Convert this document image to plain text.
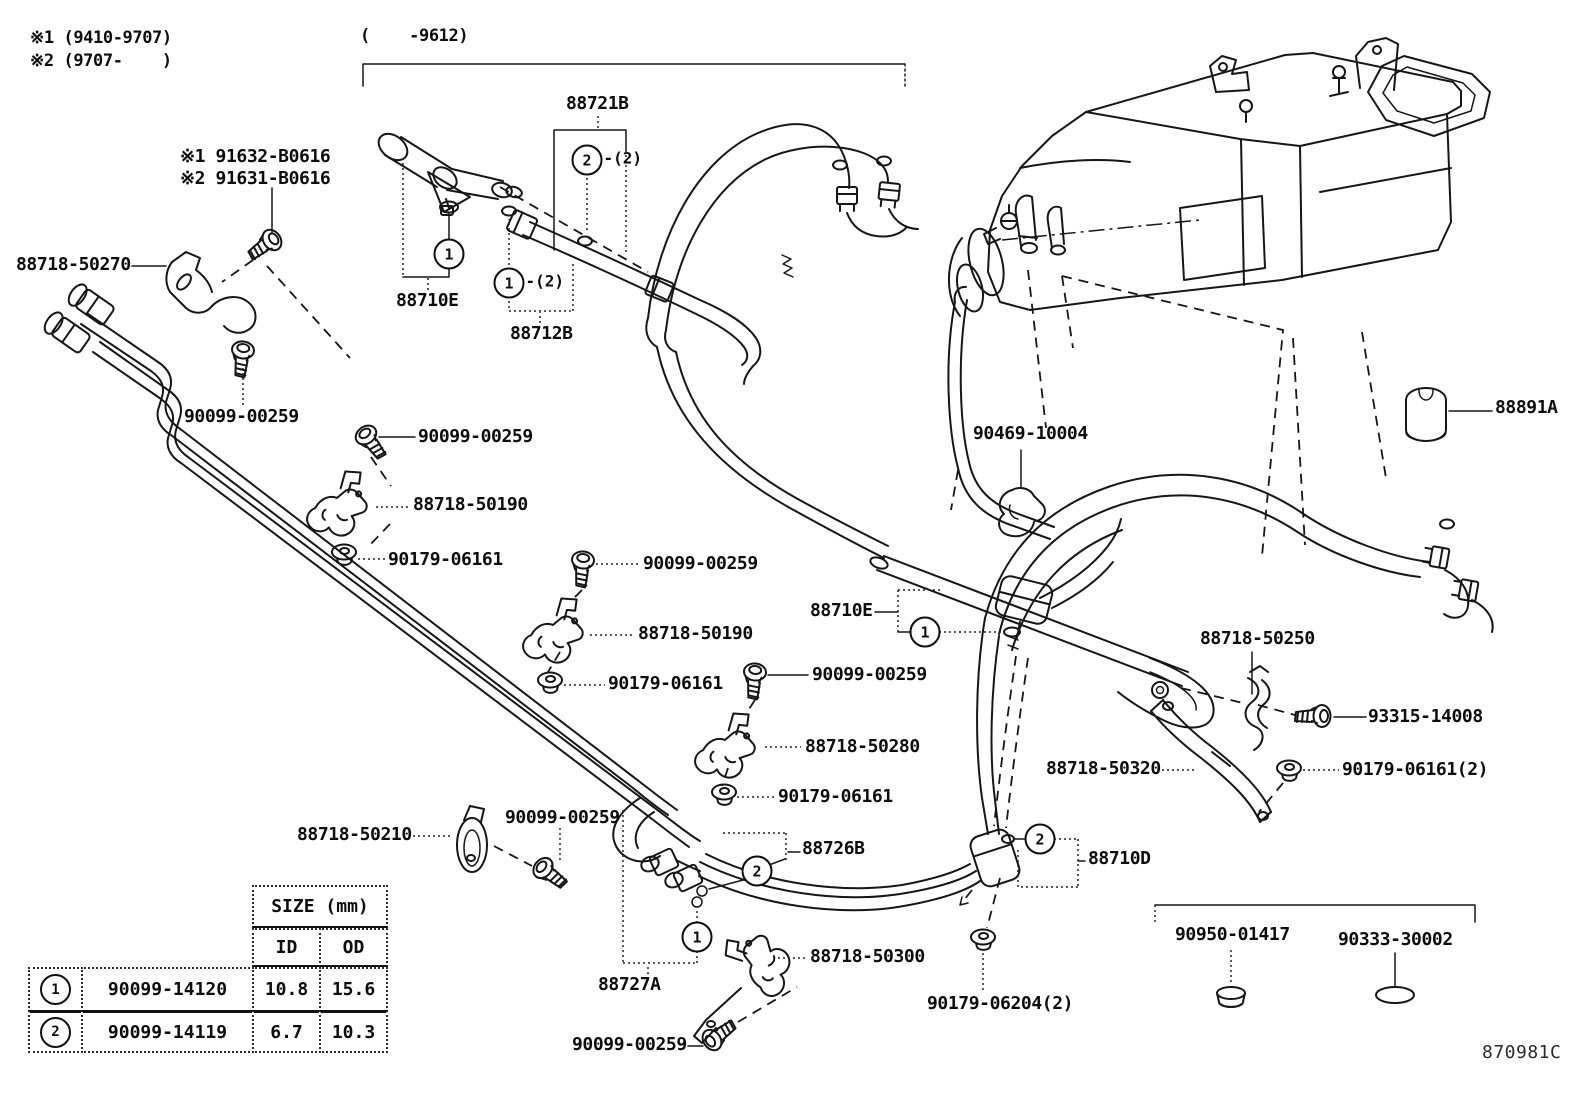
SIZE (mm)
ID	OD
1	90099-14120	10.8	15.6
2	90099-14119	6.7	10.3
※1 (9410-9707)
※2 (9707-    )
(    -9612)
88721B
※1 91632-B0616
※2 91631-B0616
88718-50270
88710E
88712B
90099-00259
90099-00259
88718-50190
90179-06161	90099-00259
88718-50190
90179-06161	90099-00259
88718-50280
90179-06161
90099-00259
88718-50210
88726B
88727A
88718-50300
90099-00259
90179-06204(2)
88710E
90469-10004
88718-50250
93315-14008
88718-50320	90179-06161(2)
88710D
88891A
90950-01417	90333-30002
870981C
1
1 -(2)
2 -(2)
1
2
1
2
